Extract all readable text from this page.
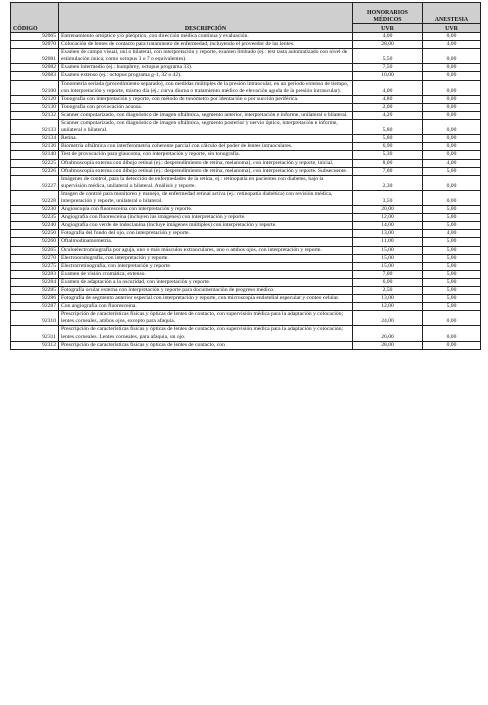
CÓDIGO	DESCRIPCIÓN	HONORARIOS MÉDICOS	ANESTESIA
		UVR	UVR
92065	Entrenamiento ortóptico y/o pleóptico, con dirección médica continua y evaluación.	4,00	0,00
92070	Colocación de lentes de contacto para tratamiento de enfermedad, incluyendo el proveedor de las lentes.	28,00	4,00
92081	Examen de campo visual, uni o bilateral, con interpretación y reporte, examen limitado (ej.: test tasta automatizado con nivel de estimulación única, como octopus 3 o 7 o equivalentes).	5,50	0,00
92082	Examen intermedio (ej.: humphrey, octopus programa 33).	7,50	0,00
92083	Examen extenso (ej.: octopus programa g-1, 32 o 42).	10,00	0,00
92100	Tonometría seriada (procedimiento separado), con medidas múltiples de la presión intraocular, en un período extenso de tiempo, con interpretación y reporte, mismo día (ej.: curva diurna o tratamiento médico de elevación aguda de la presión intraocular).	4,00	0,00
92120	Tonografía con interpretación y reporte, con método de tonómetro por identación o por succión periférica.	4,80	0,00
92130	Tonografía con provocación acuosa.	2,00	0,00
92132	Scanner computarizado, con diagnóstico de imagen oftálmica, segmento anterior, interpretación e informe, unilateral o bilateral.	4,20	0,00
92133	Scanner computarizado, con diagnóstico de imagen oftálmica, segmento posterior y nervio óptico, interpretación e informe, unilateral o bilateral.	5,80	0,00
92134	Retina.	5,80	0,00
92136	Biometría oftálmica con interferometría coherente parcial con cálculo del poder de lentes intraoculares.	6,90	0,00
92140	Test de provocación para glaucoma, con interpretación y reporte, sin tonografía.	5,30	0,00
92225	Oftalmoscopía externa con dibujo retinal (ej.: desprendimiento de retina, melanoma), con interpretación y reporte, inicial.	8,00	4,00
92226	Oftalmoscopía externa con dibujo retinal (ej.: desprendimiento de retina, melanoma), con interpretación y reporte. Subsecuente.	7,00	5,00
92227	Imágenes de control, para la detección de enfermedades de la retina, ej.: retinopatía en pacientes con diabetes, bajo la supervisión médica, unilateral o bilateral. Análisis y reporte.	2,30	0,00
92228	Imagen de control para monitoreo y manejo, de enfermedad retinal activa (ej.: retinopatía diabética) con revisión médica, interpretación y reporte, unilateral o bilateral.	3,50	0,00
92230	Angioscopía con fluoresceína con interpretación y reporte.	20,00	5,00
92235	Angiografía con fluoresceína (incluyen las imágenes) con interpretación y reporte.	12,00	5,00
92240	Angiografía con verde de indocianina (incluye imágenes múltiples) con interpretación y reporte.	14,00	5,00
92250	Fotografía del fondo del ojo, con interpretación y reporte.	13,00	4,00
92260	Oftalmodinamometría.	11,00	5,00
92265	Oculoelectromiografía por aguja, uno o más músculos extraoculares, uno o ambos ojos, con interpretación y reporte.	15,00	5,00
92270	Electrooculografía, con interpretación y reporte.	15,00	5,00
92275	Electrorretinografía, con interpretación y reporte.	15,00	5,00
92283	Examen de visión cromática, extenso.	7,00	5,00
92284	Examen de adaptación a la oscuridad, con interpretación y reporte.	6,00	5,00
92285	Fotografía ocular externa con interpretación y reporte para documentación de progreso médico.	2,50	5,00
92286	Fotografía de segmento anterior especial con interpretación y reporte, con microscopía endotelial especular y conteo celular.	13,00	5,00
92287	Con angiografía con fluoresceína.	12,00	5,00
92310	Prescripción de características físicas y ópticas de lentes de contacto, con supervisión médica para la adaptación y colocación; lentes corneales, ambos ojos, excepto para afaquia.	24,00	0,00
92311	Prescripción de características físicas y ópticas de lentes de contacto, con supervisión médica para la adaptación y colocación; lentes corneales. Lentes corneales, para afaquia, un ojo.	26,00	0,00
92312	Prescripción de características físicas y ópticas de lentes de contacto, con	28,00	0,00
